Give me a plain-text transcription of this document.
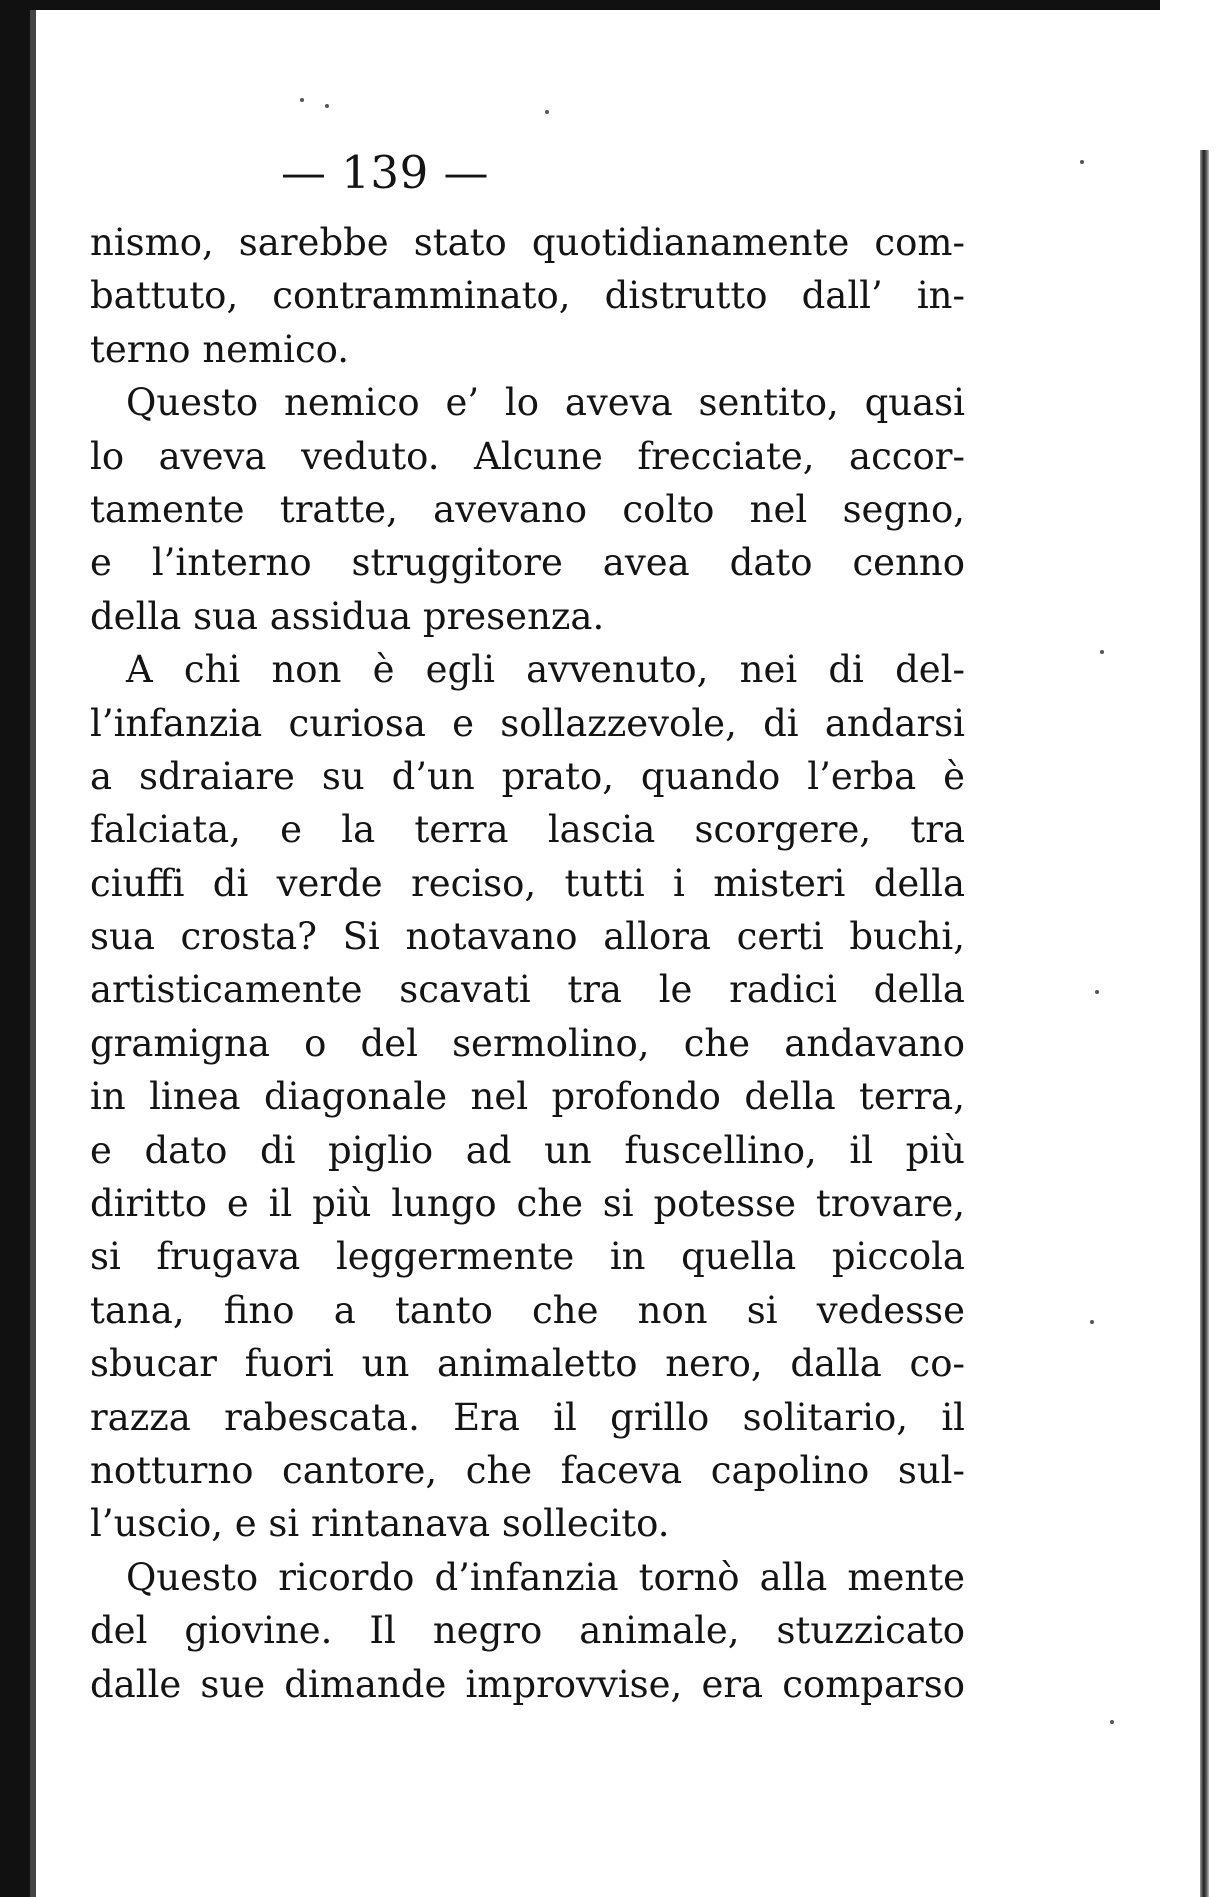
— 139 —
nismo, sarebbe stato quotidianamente com-
battuto, contramminato, distrutto dall’ in-
terno nemico.
Questo nemico e’ lo aveva sentito, quasi
lo aveva veduto. Alcune frecciate, accor-
tamente tratte, avevano colto nel segno,
e l’interno struggitore avea dato cenno
della sua assidua presenza.
A chi non è egli avvenuto, nei di del-
l’infanzia curiosa e sollazzevole, di andarsi
a sdraiare su d’un prato, quando l’erba è
falciata, e la terra lascia scorgere, tra
ciuffi di verde reciso, tutti i misteri della
sua crosta? Si notavano allora certi buchi,
artisticamente scavati tra le radici della
gramigna o del sermolino, che andavano
in linea diagonale nel profondo della terra,
e dato di piglio ad un fuscellino, il più
diritto e il più lungo che si potesse trovare,
si frugava leggermente in quella piccola
tana, fino a tanto che non si vedesse
sbucar fuori un animaletto nero, dalla co-
razza rabescata. Era il grillo solitario, il
notturno cantore, che faceva capolino sul-
l’uscio, e si rintanava sollecito.
Questo ricordo d’infanzia tornò alla mente
del giovine. Il negro animale, stuzzicato
dalle sue dimande improvvise, era comparso
